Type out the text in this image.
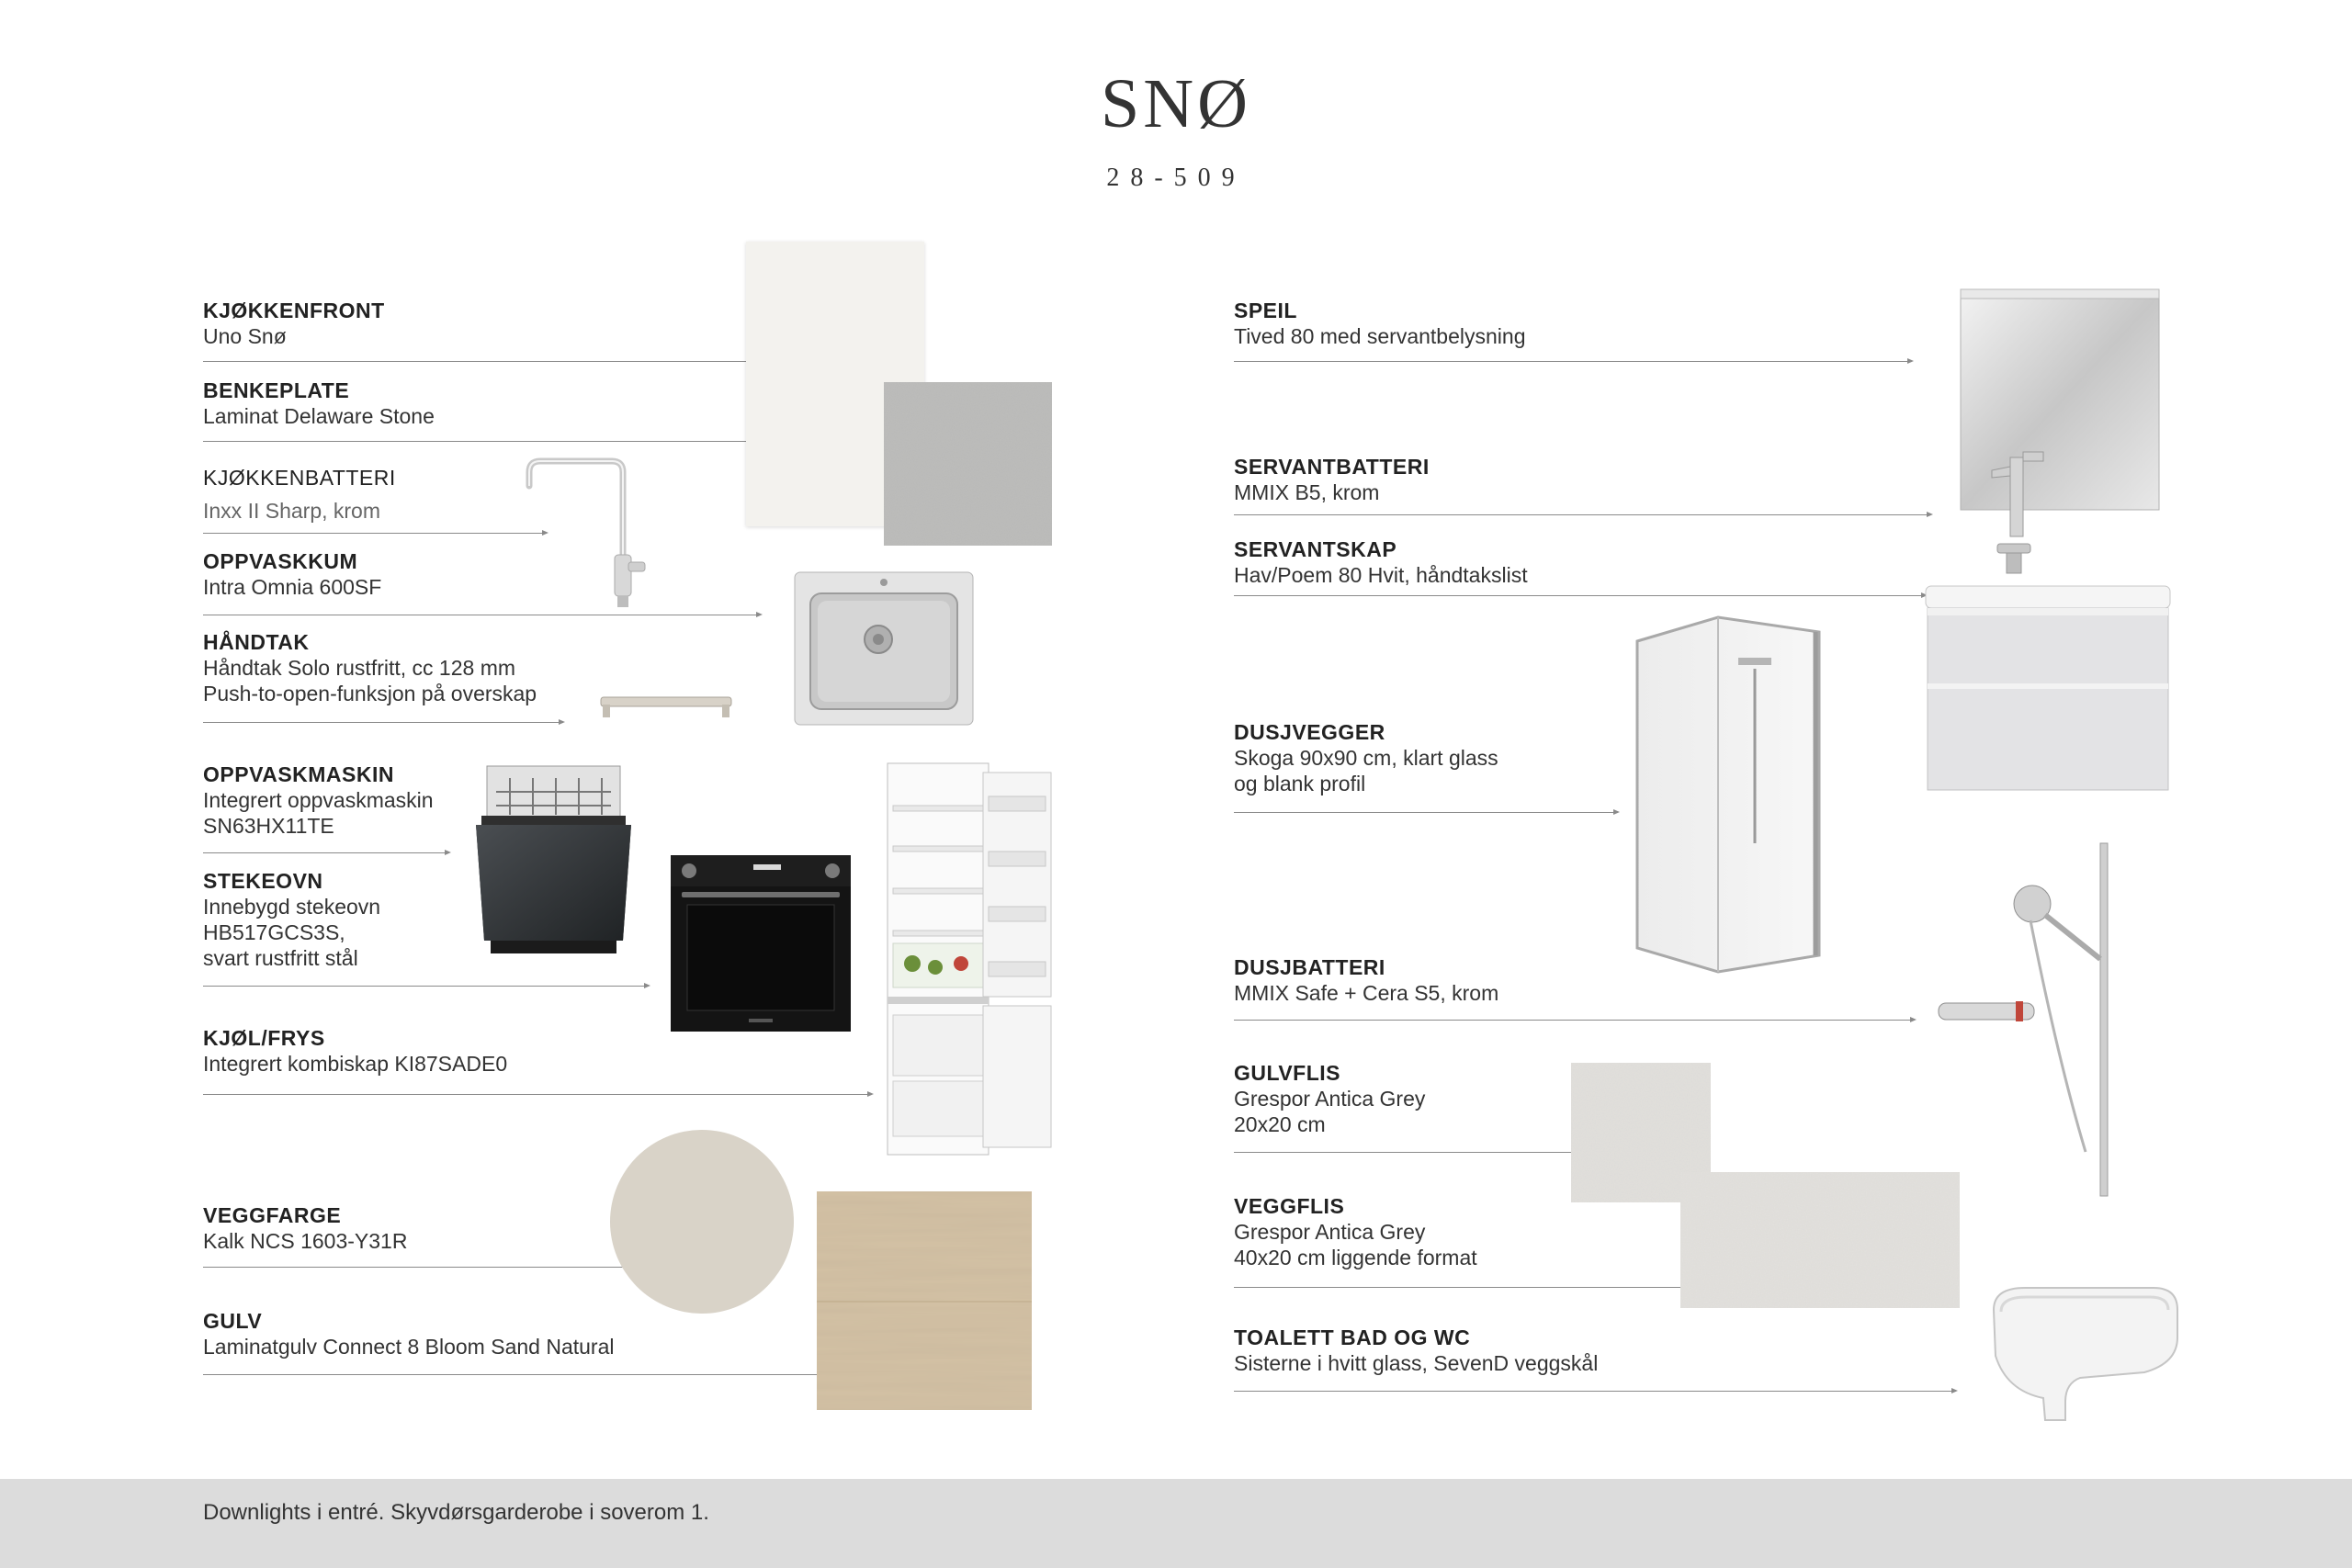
SNØ
28-509
KJØKKENFRONT
Uno Snø
BENKEPLATE
Laminat Delaware Stone
KJØKKENBATTERI
Inxx II Sharp, krom
OPPVASKKUM
Intra Omnia 600SF
HÅNDTAK
Håndtak Solo rustfritt, cc 128 mm
Push-to-open-funksjon på overskap
OPPVASKMASKIN
Integrert oppvaskmaskin
SN63HX11TE
STEKEOVN
Innebygd stekeovn
HB517GCS3S,
svart rustfritt stål
KJØL/FRYS
Integrert kombiskap KI87SADE0
VEGGFARGE
Kalk NCS 1603-Y31R
GULV
Laminatgulv Connect 8 Bloom Sand Natural
SPEIL
Tived 80 med servantbelysning
SERVANTBATTERI
MMIX B5, krom
SERVANTSKAP
Hav/Poem 80 Hvit, håndtakslist
DUSJVEGGER
Skoga 90x90 cm, klart glass
og blank profil
DUSJBATTERI
MMIX Safe + Cera S5, krom
GULVFLIS
Grespor Antica Grey
20x20 cm
VEGGFLIS
Grespor Antica Grey
40x20 cm liggende format
TOALETT BAD OG WC
Sisterne i hvitt glass, SevenD veggskål
Downlights i entré. Skyvdørsgarderobe i soverom 1.
